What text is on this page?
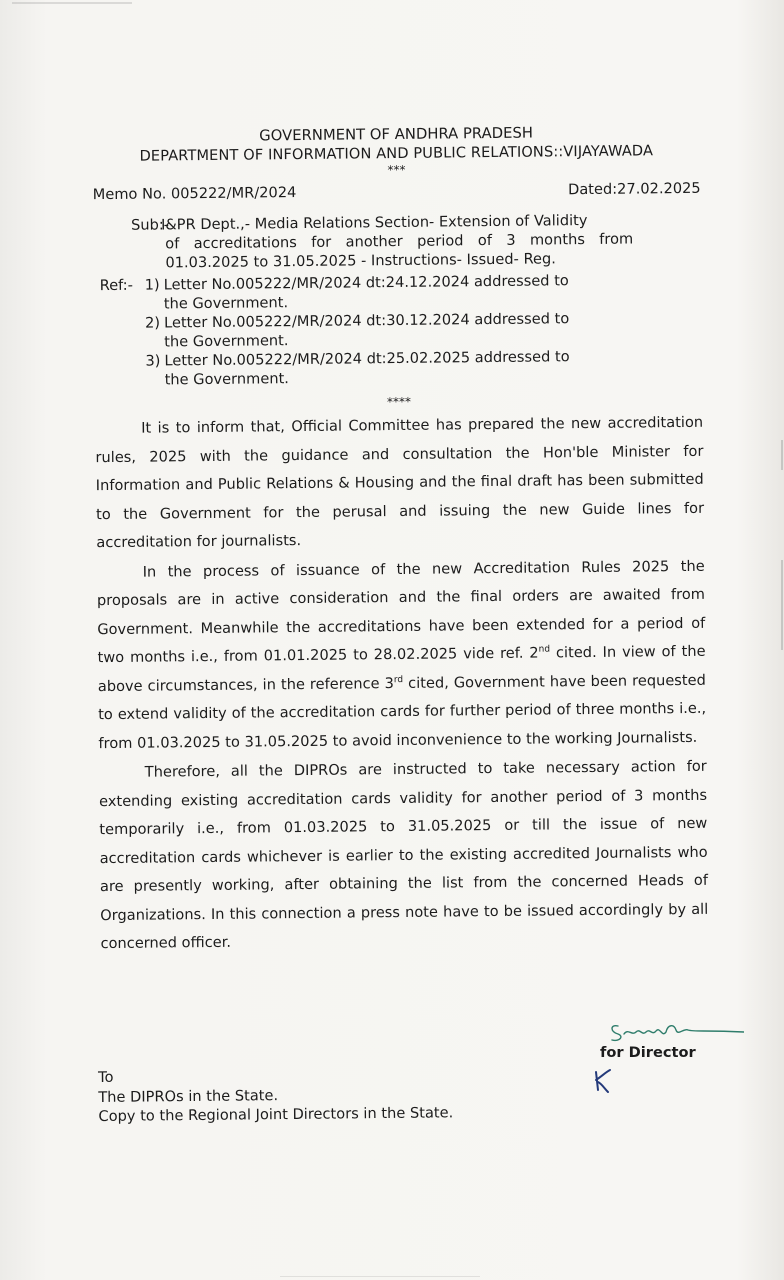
GOVERNMENT OF ANDHRA PRADESH
DEPARTMENT OF INFORMATION AND PUBLIC RELATIONS::VIJAYAWADA
***
Memo No. 005222/MR/2024	Dated:27.02.2025
Sub:-
I&PR Dept.,- Media Relations Section- Extension of Validity
of accreditations for another period of 3 months from
01.03.2025 to 31.05.2025 - Instructions- Issued- Reg.
Ref:- 1) Letter No.005222/MR/2024 dt:24.12.2024 addressed to
the Government.
2) Letter No.005222/MR/2024 dt:30.12.2024 addressed to
the Government.
3) Letter No.005222/MR/2024 dt:25.02.2025 addressed to
the Government.
****

It is to inform that, Official Committee has prepared the new accreditation rules, 2025 with the guidance and consultation the Hon'ble Minister for Information and Public Relations & Housing and the final draft has been submitted to the Government for the perusal and issuing the new Guide lines for accreditation for journalists.

In the process of issuance of the new Accreditation Rules 2025 the proposals are in active consideration and the final orders are awaited from Government. Meanwhile the accreditations have been extended for a period of two months i.e., from 01.01.2025 to 28.02.2025 vide ref. 2nd cited. In view of the above circumstances, in the reference 3rd cited, Government have been requested to extend validity of the accreditation cards for further period of three months i.e., from 01.03.2025 to 31.05.2025 to avoid inconvenience to the working Journalists.

Therefore, all the DIPROs are instructed to take necessary action for extending existing accreditation cards validity for another period of 3 months temporarily i.e., from 01.03.2025 to 31.05.2025 or till the issue of new accreditation cards whichever is earlier to the existing accredited Journalists who are presently working, after obtaining the list from the concerned Heads of Organizations. In this connection a press note have to be issued accordingly by all concerned officer.

for Director
To
The DIPROs in the State.
Copy to the Regional Joint Directors in the State.
